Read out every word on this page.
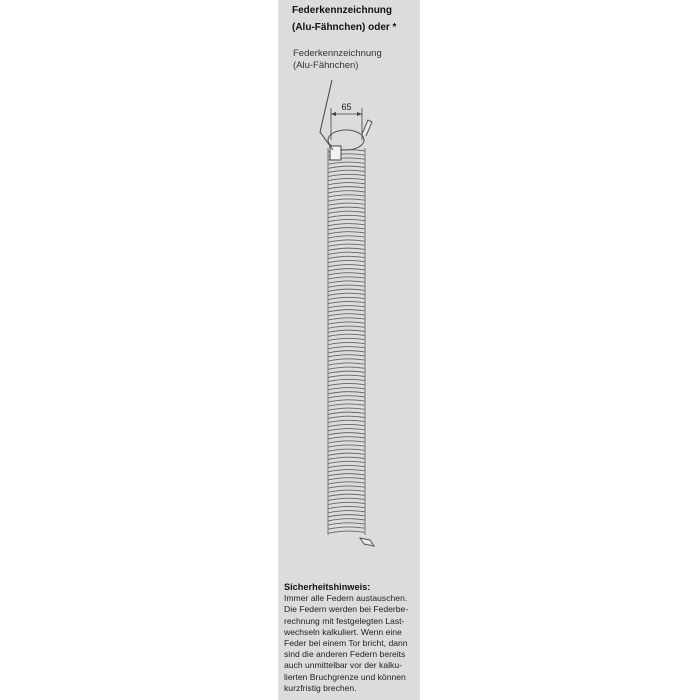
Federkennzeichnung
(Alu-Fähnchen) oder *
Federkennzeichnung
(Alu-Fähnchen)
65
Sicherheitshinweis:
Immer alle Federn austauschen.
Die Federn werden bei Federbe-
rechnung mit festgelegten Last-
wechseln kalkuliert. Wenn eine
Feder bei einem Tor bricht, dann
sind die anderen Federn bereits
auch unmittelbar vor der kalku-
lierten Bruchgrenze und können
kurzfristig brechen.
